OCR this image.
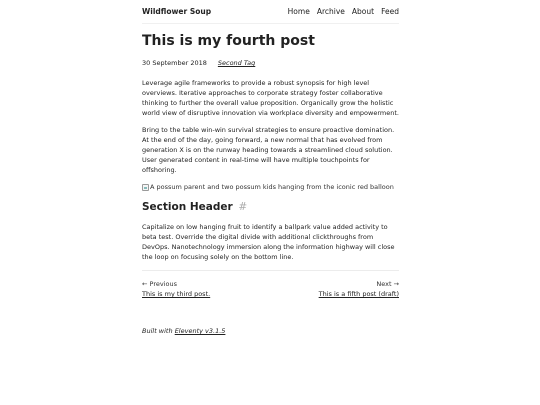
Wildflower Soup	Home Archive About Feed
This is my fourth post
30 September 2018 Second Tag

Leverage agile frameworks to provide a robust synopsis for high level overviews. Iterative approaches to corporate strategy foster collaborative thinking to further the overall value proposition. Organically grow the holistic world view of disruptive innovation via workplace diversity and empowerment.

Bring to the table win-win survival strategies to ensure proactive domination. At the end of the day, going forward, a new normal that has evolved from generation X is on the runway heading towards a streamlined cloud solution. User generated content in real-time will have multiple touchpoints for offshoring.

A possum parent and two possum kids hanging from the iconic red balloon
Section Header #

Capitalize on low hanging fruit to identify a ballpark value added activity to beta test. Override the digital divide with additional clickthroughs from DevOps. Nanotechnology immersion along the information highway will close the loop on focusing solely on the bottom line.

← Previous
This is my third post.
Next →
This is a fifth post (draft)
Built with Eleventy v3.1.5
